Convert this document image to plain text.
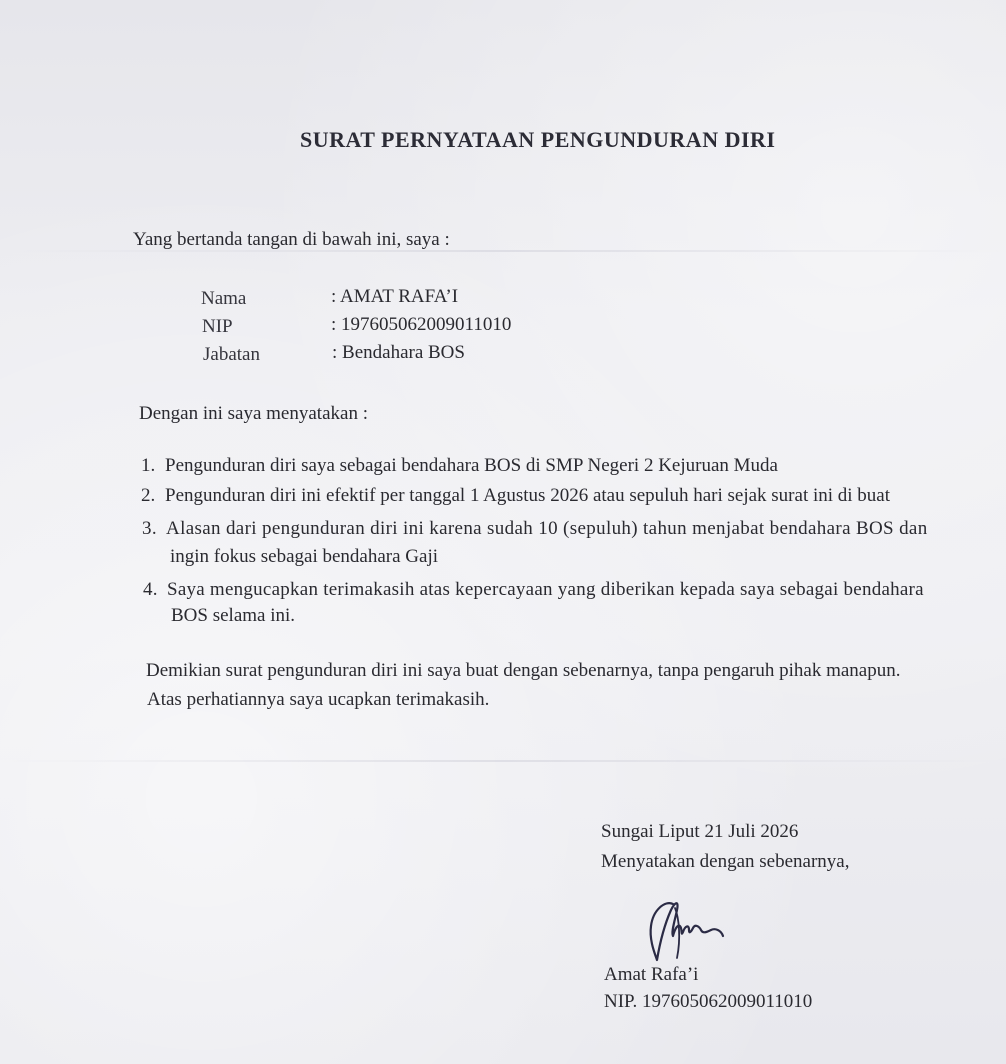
SURAT PERNYATAAN PENGUNDURAN DIRI
Yang bertanda tangan di bawah ini, saya :
Nama	: AMAT RAFA’I
NIP	: 197605062009011010
Jabatan	: Bendahara BOS
Dengan ini saya menyatakan :
1. Pengunduran diri saya sebagai bendahara BOS di SMP Negeri 2 Kejuruan Muda
2. Pengunduran diri ini efektif per tanggal 1 Agustus 2026 atau sepuluh hari sejak surat ini di buat
3. Alasan dari pengunduran diri ini karena sudah 10 (sepuluh) tahun menjabat bendahara BOS dan
ingin fokus sebagai bendahara Gaji
4. Saya mengucapkan terimakasih atas kepercayaan yang diberikan kepada saya sebagai bendahara
BOS selama ini.
Demikian surat pengunduran diri ini saya buat dengan sebenarnya, tanpa pengaruh pihak manapun.
Atas perhatiannya saya ucapkan terimakasih.
Sungai Liput 21 Juli 2026
Menyatakan dengan sebenarnya,
Amat Rafa’i
NIP. 197605062009011010
